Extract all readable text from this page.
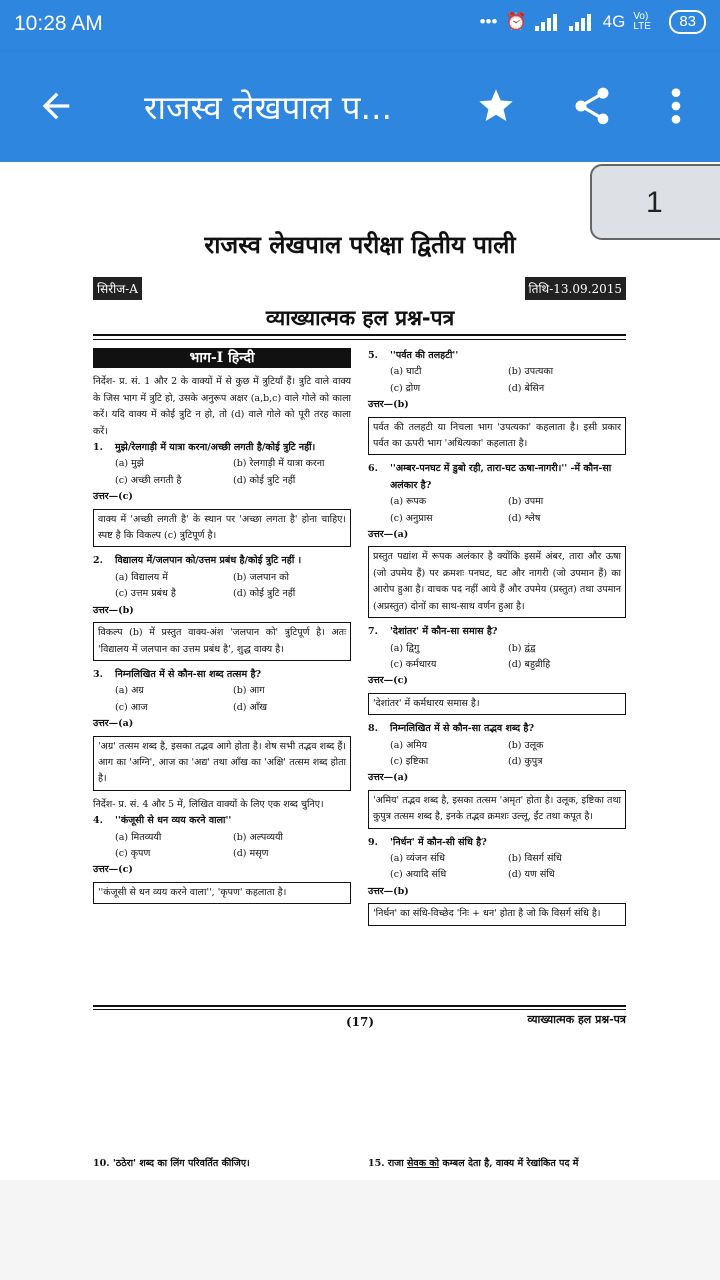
10:28 AM	••• ⏰	4G Vo) LTE	83
राजस्व लेखपाल प...
राजस्व लेखपाल परीक्षा द्वितीय पाली
सिरीज-A	तिथि-13.09.2015
व्याख्यात्मक हल प्रश्न-पत्र
भाग-I हिन्दी
निर्देश- प्र. सं. 1 और 2 के वाक्यों में से कुछ में त्रुटियाँ हैं। त्रुटि वाले वाक्य के जिस भाग में त्रुटि हो, उसके अनुरूप अक्षर (a,b,c) वाले गोले को काला करें। यदि वाक्य में कोई त्रुटि न हो, तो (d) वाले गोले को पूरी तरह काला करें।
1.	मुझे/रेलगाड़ी में यात्रा करना/अच्छी लगती है/कोई त्रुटि नहीं।
(a) मुझे	(b) रेलगाड़ी में यात्रा करना
(c) अच्छी लगती है	(d) कोई त्रुटि नहीं
उत्तर—(c)
वाक्य में 'अच्छी लगती है' के स्थान पर 'अच्छा लगता है' होना चाहिए। स्पष्ट है कि विकल्प (c) त्रुटिपूर्ण है।
2.	विद्यालय में/जलपान को/उत्तम प्रबंध है/कोई त्रुटि नहीं ।
(a) विद्यालय में	(b) जलपान को
(c) उत्तम प्रबंध है	(d) कोई त्रुटि नहीं
उत्तर—(b)
विकल्प (b) में प्रस्तुत वाक्य-अंश 'जलपान को' त्रुटिपूर्ण है। अतः 'विद्यालय में जलपान का उत्तम प्रबंध है', शुद्ध वाक्य है।
3.	निम्नलिखित में से कौन-सा शब्द तत्सम है?
(a) अग्र	(b) आग
(c) आज	(d) आँख
उत्तर—(a)
'अग्र' तत्सम शब्द है, इसका तद्भव आगे होता है। शेष सभी तद्भव शब्द हैं। आग का 'अग्नि', आज का 'अद्य' तथा आँख का 'अक्षि' तत्सम शब्द होता है।
निर्देश- प्र. सं. 4 और 5 में, लिखित वाक्यों के लिए एक शब्द चुनिए।
4.	''कंजूसी से धन व्यय करने वाला''
(a) मितव्ययी	(b) अल्पव्ययी
(c) कृपण	(d) मसृण
उत्तर—(c)
''कंजूसी से धन व्यय करने वाला'', 'कृपण' कहलाता है।
5.	''पर्वत की तलहटी''
(a) घाटी	(b) उपत्यका
(c) द्रोण	(d) बेसिन
उत्तर—(b)
पर्वत की तलहटी या निचला भाग 'उपत्यका' कहलाता है। इसी प्रकार पर्वत का ऊपरी भाग 'अधित्यका' कहलाता है।
6.	''अम्बर-पनघट में डुबो रही, तारा-घट ऊषा-नागरी।'' -में कौन-सा अलंकार है?
(a) रूपक	(b) उपमा
(c) अनुप्रास	(d) श्लेष
उत्तर—(a)
प्रस्तुत पद्यांश में रूपक अलंकार है क्योंकि इसमें अंबर, तारा और ऊषा (जो उपमेय हैं) पर क्रमशः पनघट, घट और नागरी (जो उपमान हैं) का आरोप हुआ है। वाचक पद नहीं आये हैं और उपमेय (प्रस्तुत) तथा उपमान (अप्रस्तुत) दोनों का साथ-साथ वर्णन हुआ है।
7.	'देशांतर' में कौन-सा समास है?
(a) द्विगु	(b) द्वंद्व
(c) कर्मधारय	(d) बहुव्रीहि
उत्तर—(c)
'देशांतर' में कर्मधारय समास है।
8.	निम्नलिखित में से कौन-सा तद्भव शब्द है?
(a) अमिय	(b) उलूक
(c) इष्टिका	(d) कुपुत्र
उत्तर—(a)
'अमिय' तद्भव शब्द है, इसका तत्सम 'अमृत' होता है। उलूक, इष्टिका तथा कुपुत्र तत्सम शब्द है, इनके तद्भव क्रमशः उल्लू, ईंट तथा कपूत है।
9.	'निर्धन' में कौन-सी संधि है?
(a) व्यंजन संधि	(b) विसर्ग संधि
(c) अयादि संधि	(d) यण संधि
उत्तर—(b)
'निर्धन' का संधि-विच्छेद 'निः + धन' होता है जो कि विसर्ग संधि है।
(17)	व्याख्यात्मक हल प्रश्न-पत्र
10. 'ठठेरा' शब्द का लिंग परिवर्तित कीजिए।	15. राजा सेवक को कम्बल देता है, वाक्य में रेखांकित पद में
1
